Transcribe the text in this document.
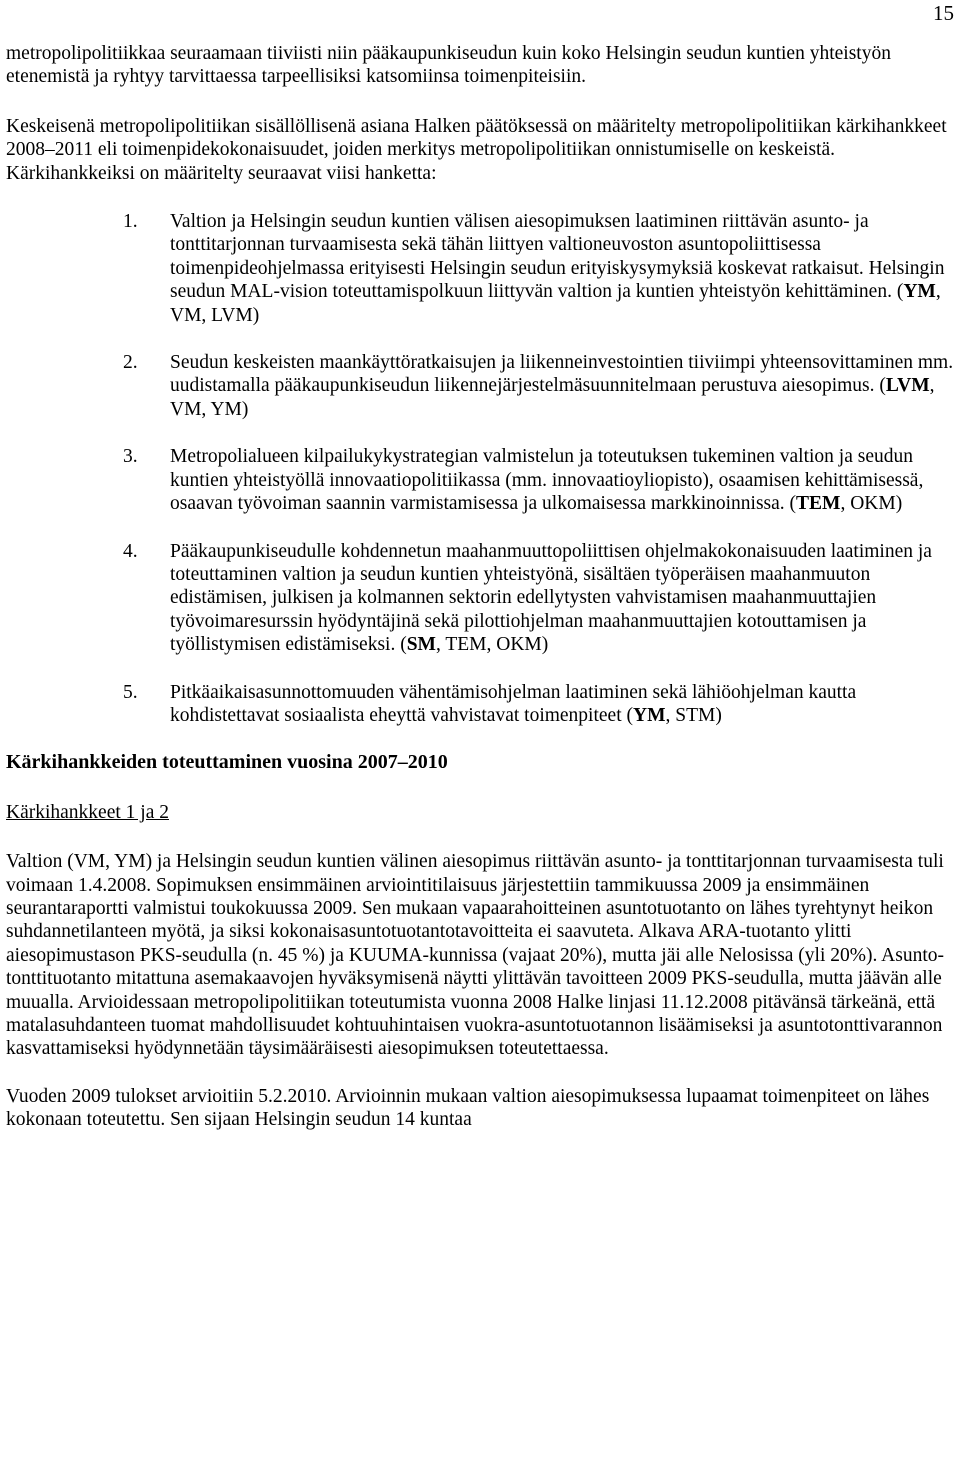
15

metropolipolitiikkaa seuraamaan tiiviisti niin pääkaupunkiseudun kuin koko Helsingin seudun kuntien yhteistyön etenemistä ja ryhtyy tarvittaessa tarpeellisiksi katsomiinsa toimenpiteisiin.

Keskeisenä metropolipolitiikan sisällöllisenä asiana Halken päätöksessä on määritelty metropolipolitiikan kärkihankkeet 2008–2011 eli toimenpidekokonaisuudet, joiden merkitys metropolipolitiikan onnistumiselle on keskeistä. Kärkihankkeiksi on määritelty seuraavat viisi hanketta:

1.	Valtion ja Helsingin seudun kuntien välisen aiesopimuksen laatiminen riittävän asunto- ja tonttitarjonnan turvaamisesta sekä tähän liittyen valtioneuvoston asuntopoliittisessa toimenpideohjelmassa erityisesti Helsingin seudun erityiskysymyksiä koskevat ratkaisut. Helsingin seudun MAL-vision toteuttamispolkuun liittyvän valtion ja kuntien yhteistyön kehittäminen. (YM, VM, LVM)
2.	Seudun keskeisten maankäyttöratkaisujen ja liikenneinvestointien tiiviimpi yhteensovittaminen mm. uudistamalla pääkaupunkiseudun liikennejärjestelmäsuunnitelmaan perustuva aiesopimus. (LVM, VM, YM)
3.	Metropolialueen kilpailukykystrategian valmistelun ja toteutuksen tukeminen valtion ja seudun kuntien yhteistyöllä innovaatiopolitiikassa (mm. innovaatioyliopisto), osaamisen kehittämisessä, osaavan työvoiman saannin varmistamisessa ja ulkomaisessa markkinoinnissa. (TEM, OKM)
4.	Pääkaupunkiseudulle kohdennetun maahanmuuttopoliittisen ohjelmakokonaisuuden laatiminen ja toteuttaminen valtion ja seudun kuntien yhteistyönä, sisältäen työperäisen maahanmuuton edistämisen, julkisen ja kolmannen sektorin edellytysten vahvistamisen maahanmuuttajien työvoimaresurssin hyödyntäjinä sekä pilottiohjelman maahanmuuttajien kotouttamisen ja työllistymisen edistämiseksi. (SM, TEM, OKM)
5.	Pitkäaikaisasunnottomuuden vähentämisohjelman laatiminen sekä lähiöohjelman kautta kohdistettavat sosiaalista eheyttä vahvistavat toimenpiteet (YM, STM)

Kärkihankkeiden toteuttaminen vuosina 2007–2010

Kärkihankkeet 1 ja 2

Valtion (VM, YM) ja Helsingin seudun kuntien välinen aiesopimus riittävän asunto- ja tonttitarjonnan turvaamisesta tuli voimaan 1.4.2008. Sopimuksen ensimmäinen arviointitilaisuus järjestettiin tammikuussa 2009 ja ensimmäinen seurantaraportti valmistui toukokuussa 2009. Sen mukaan vapaarahoitteinen asuntotuotanto on lähes tyrehtynyt heikon suhdannetilanteen myötä, ja siksi kokonaisasuntotuotantotavoitteita ei saavuteta. Alkava ARA-tuotanto ylitti aiesopimustason PKS-seudulla (n. 45 %) ja KUUMA-kunnissa (vajaat 20%), mutta jäi alle Nelosissa (yli 20%). Asunto-tonttituotanto mitattuna asemakaavojen hyväksymisenä näytti ylittävän tavoitteen 2009 PKS-seudulla, mutta jäävän alle muualla. Arvioidessaan metropolipolitiikan toteutumista vuonna 2008 Halke linjasi 11.12.2008 pitävänsä tärkeänä, että matalasuhdanteen tuomat mahdollisuudet kohtuuhintaisen vuokra-asuntotuotannon lisäämiseksi ja asuntotonttivarannon kasvattamiseksi hyödynnetään täysimääräisesti aiesopimuksen toteutettaessa.

Vuoden 2009 tulokset arvioitiin 5.2.2010. Arvioinnin mukaan valtion aiesopimuksessa lupaamat toimenpiteet on lähes kokonaan toteutettu. Sen sijaan Helsingin seudun 14 kuntaa
